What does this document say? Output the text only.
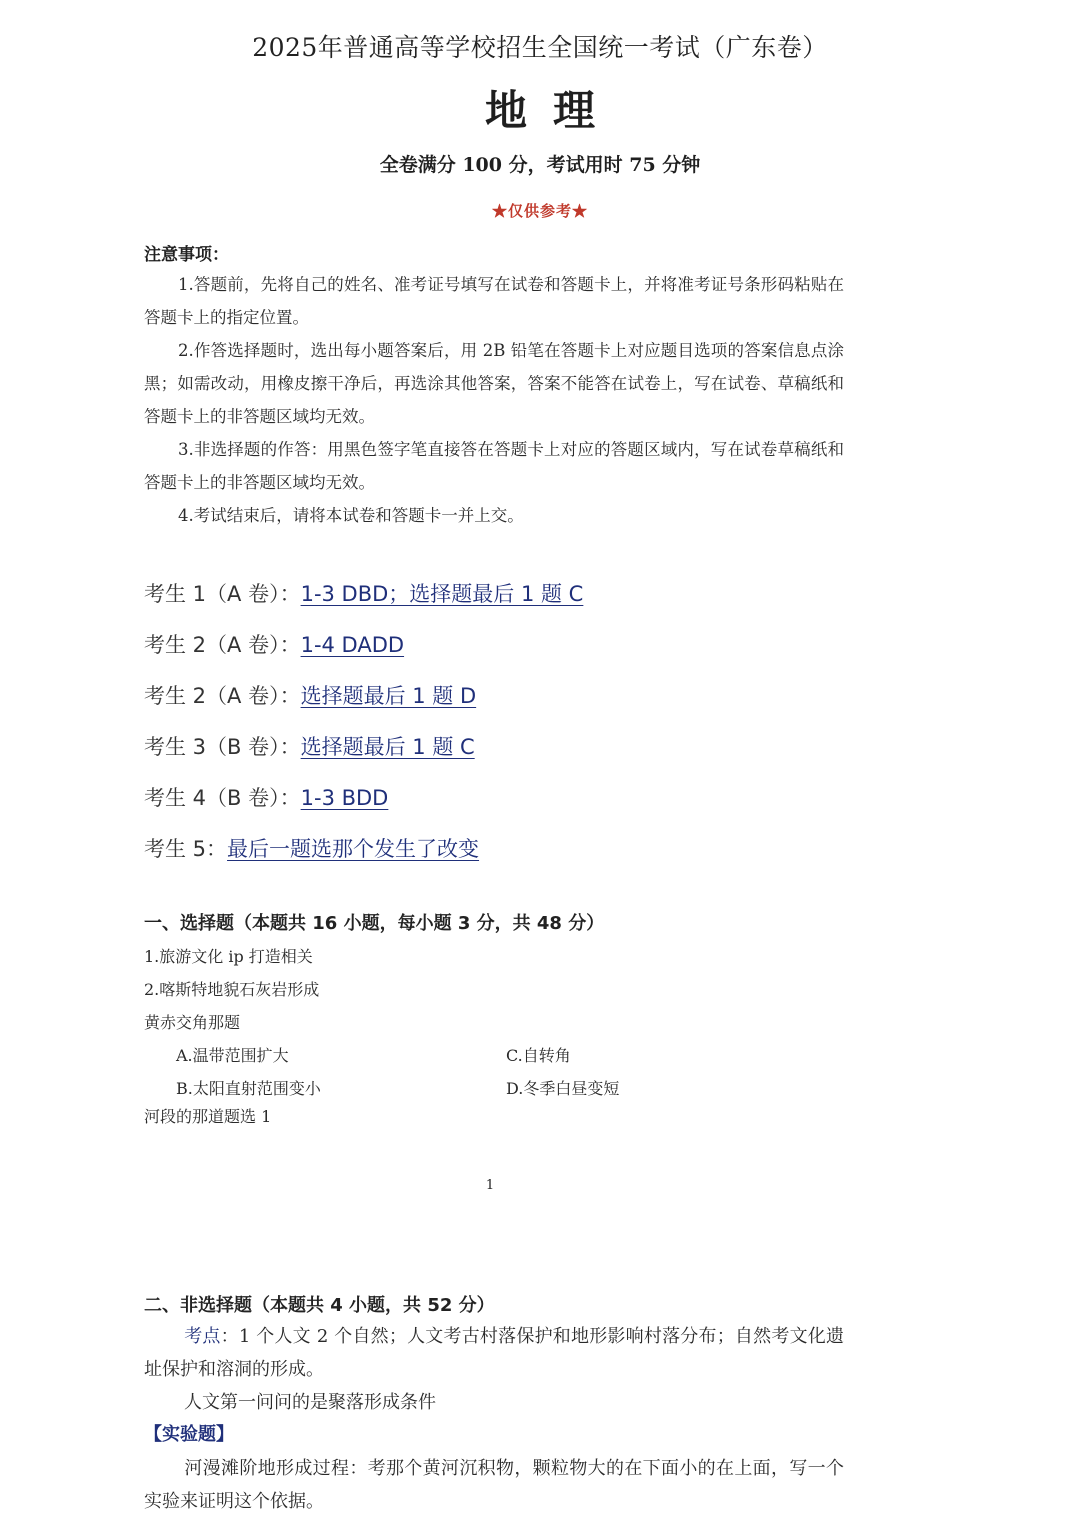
2025年普通高等学校招生全国统一考试（广东卷）
地理
全卷满分 100 分，考试用时 75 分钟
★仅供参考★
注意事项：
1.答题前，先将自己的姓名、准考证号填写在试卷和答题卡上，并将准考证号条形码粘贴在答题卡上的指定位置。
2.作答选择题时，选出每小题答案后，用 2B 铅笔在答题卡上对应题目选项的答案信息点涂黑；如需改动，用橡皮擦干净后，再选涂其他答案，答案不能答在试卷上，写在试卷、草稿纸和答题卡上的非答题区域均无效。
3.非选择题的作答：用黑色签字笔直接答在答题卡上对应的答题区域内，写在试卷草稿纸和答题卡上的非答题区域均无效。
4.考试结束后，请将本试卷和答题卡一并上交。
考生 1（A 卷）：1-3 DBD；选择题最后 1 题 C
考生 2（A 卷）：1-4 DADD
考生 2（A 卷）：选择题最后 1 题 D
考生 3（B 卷）：选择题最后 1 题 C
考生 4（B 卷）：1-3 BDD
考生 5：最后一题选那个发生了改变
一、选择题（本题共 16 小题，每小题 3 分，共 48 分）
1.旅游文化 ip 打造相关
2.喀斯特地貌石灰岩形成
黄赤交角那题
A.温带范围扩大	C.自转角
B.太阳直射范围变小	D.冬季白昼变短
河段的那道题选 1
1
二、非选择题（本题共 4 小题，共 52 分）
考点：1 个人文 2 个自然；人文考古村落保护和地形影响村落分布；自然考文化遗址保护和溶洞的形成。
人文第一问问的是聚落形成条件
【实验题】
河漫滩阶地形成过程：考那个黄河沉积物，颗粒物大的在下面小的在上面，写一个实验来证明这个依据。
